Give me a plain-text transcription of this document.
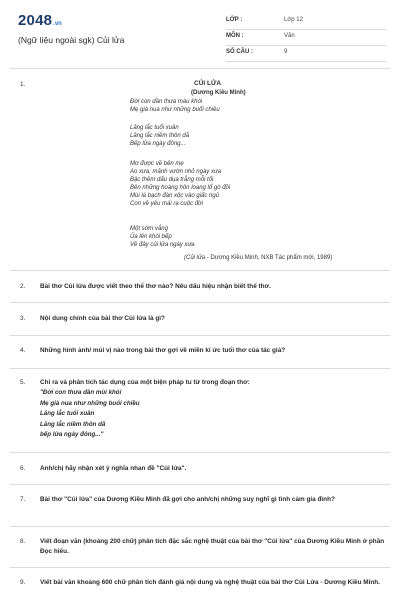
2048 .vn
(Ngữ liệu ngoài sgk) Củi lửa
LỚP :	Lớp 12
MÔN :	Văn
SỐ CÂU :	9
1.	CỦI LỬA
(Dương Kiều Minh)
Đời con dần thưa màu khói
Mẹ già nua như những buổi chiều
Lăng lắc tuổi xuân
Lăng lắc niềm thôn dã
Bếp lửa ngày đông...
Mơ được về bên mẹ
Ao xưa, mảnh vườn nhỏ ngày xưa
Bậc thềm dấu dụa trắng mỗi tối
Bên những hoàng hôn loang lổ gò đồi
Mùi lá bạch đàn xộc vào giấc ngủ
Con về yêu mái rạ cuộc đời
Một sớm vắng
Ủa lên khói bếp
Về đây củi lửa ngày xưa
(Củi lửa - Dương Kiều Minh, NXB Tác phẩm mới, 1989)
2. Bài thơ Củi lửa được viết theo thể thơ nào? Nêu dấu hiệu nhận biết thể thơ.
3. Nội dung chính của bài thơ Củi lửa là gì?
4. Những hình ảnh/ mùi vị nào trong bài thơ gợi về miền kí ức tuổi thơ của tác giả?
5. Chỉ ra và phân tích tác dụng của một biện pháp tu từ trong đoạn thơ:
"Đời con thưa dần mùi khói
Mẹ già nua như những buổi chiều
Lăng lắc tuổi xuân
Lăng lắc niềm thôn dã
bếp lửa ngày đông..."
6. Anh/chị hãy nhận xét ý nghĩa nhan đề "Củi lửa".
7. Bài thơ "Củi lửa" của Dương Kiều Minh đã gợi cho anh/chị những suy nghĩ gì tình cảm gia đình?
8. Viết đoạn văn (khoảng 200 chữ) phân tích đặc sắc nghệ thuật của bài thơ "Củi lửa" của Dương Kiều Minh ở phần Đọc hiểu.
9. Viết bài văn khoảng 600 chữ phân tích đánh giá nội dung và nghệ thuật của bài thơ Củi Lửa - Dương Kiều Minh.
